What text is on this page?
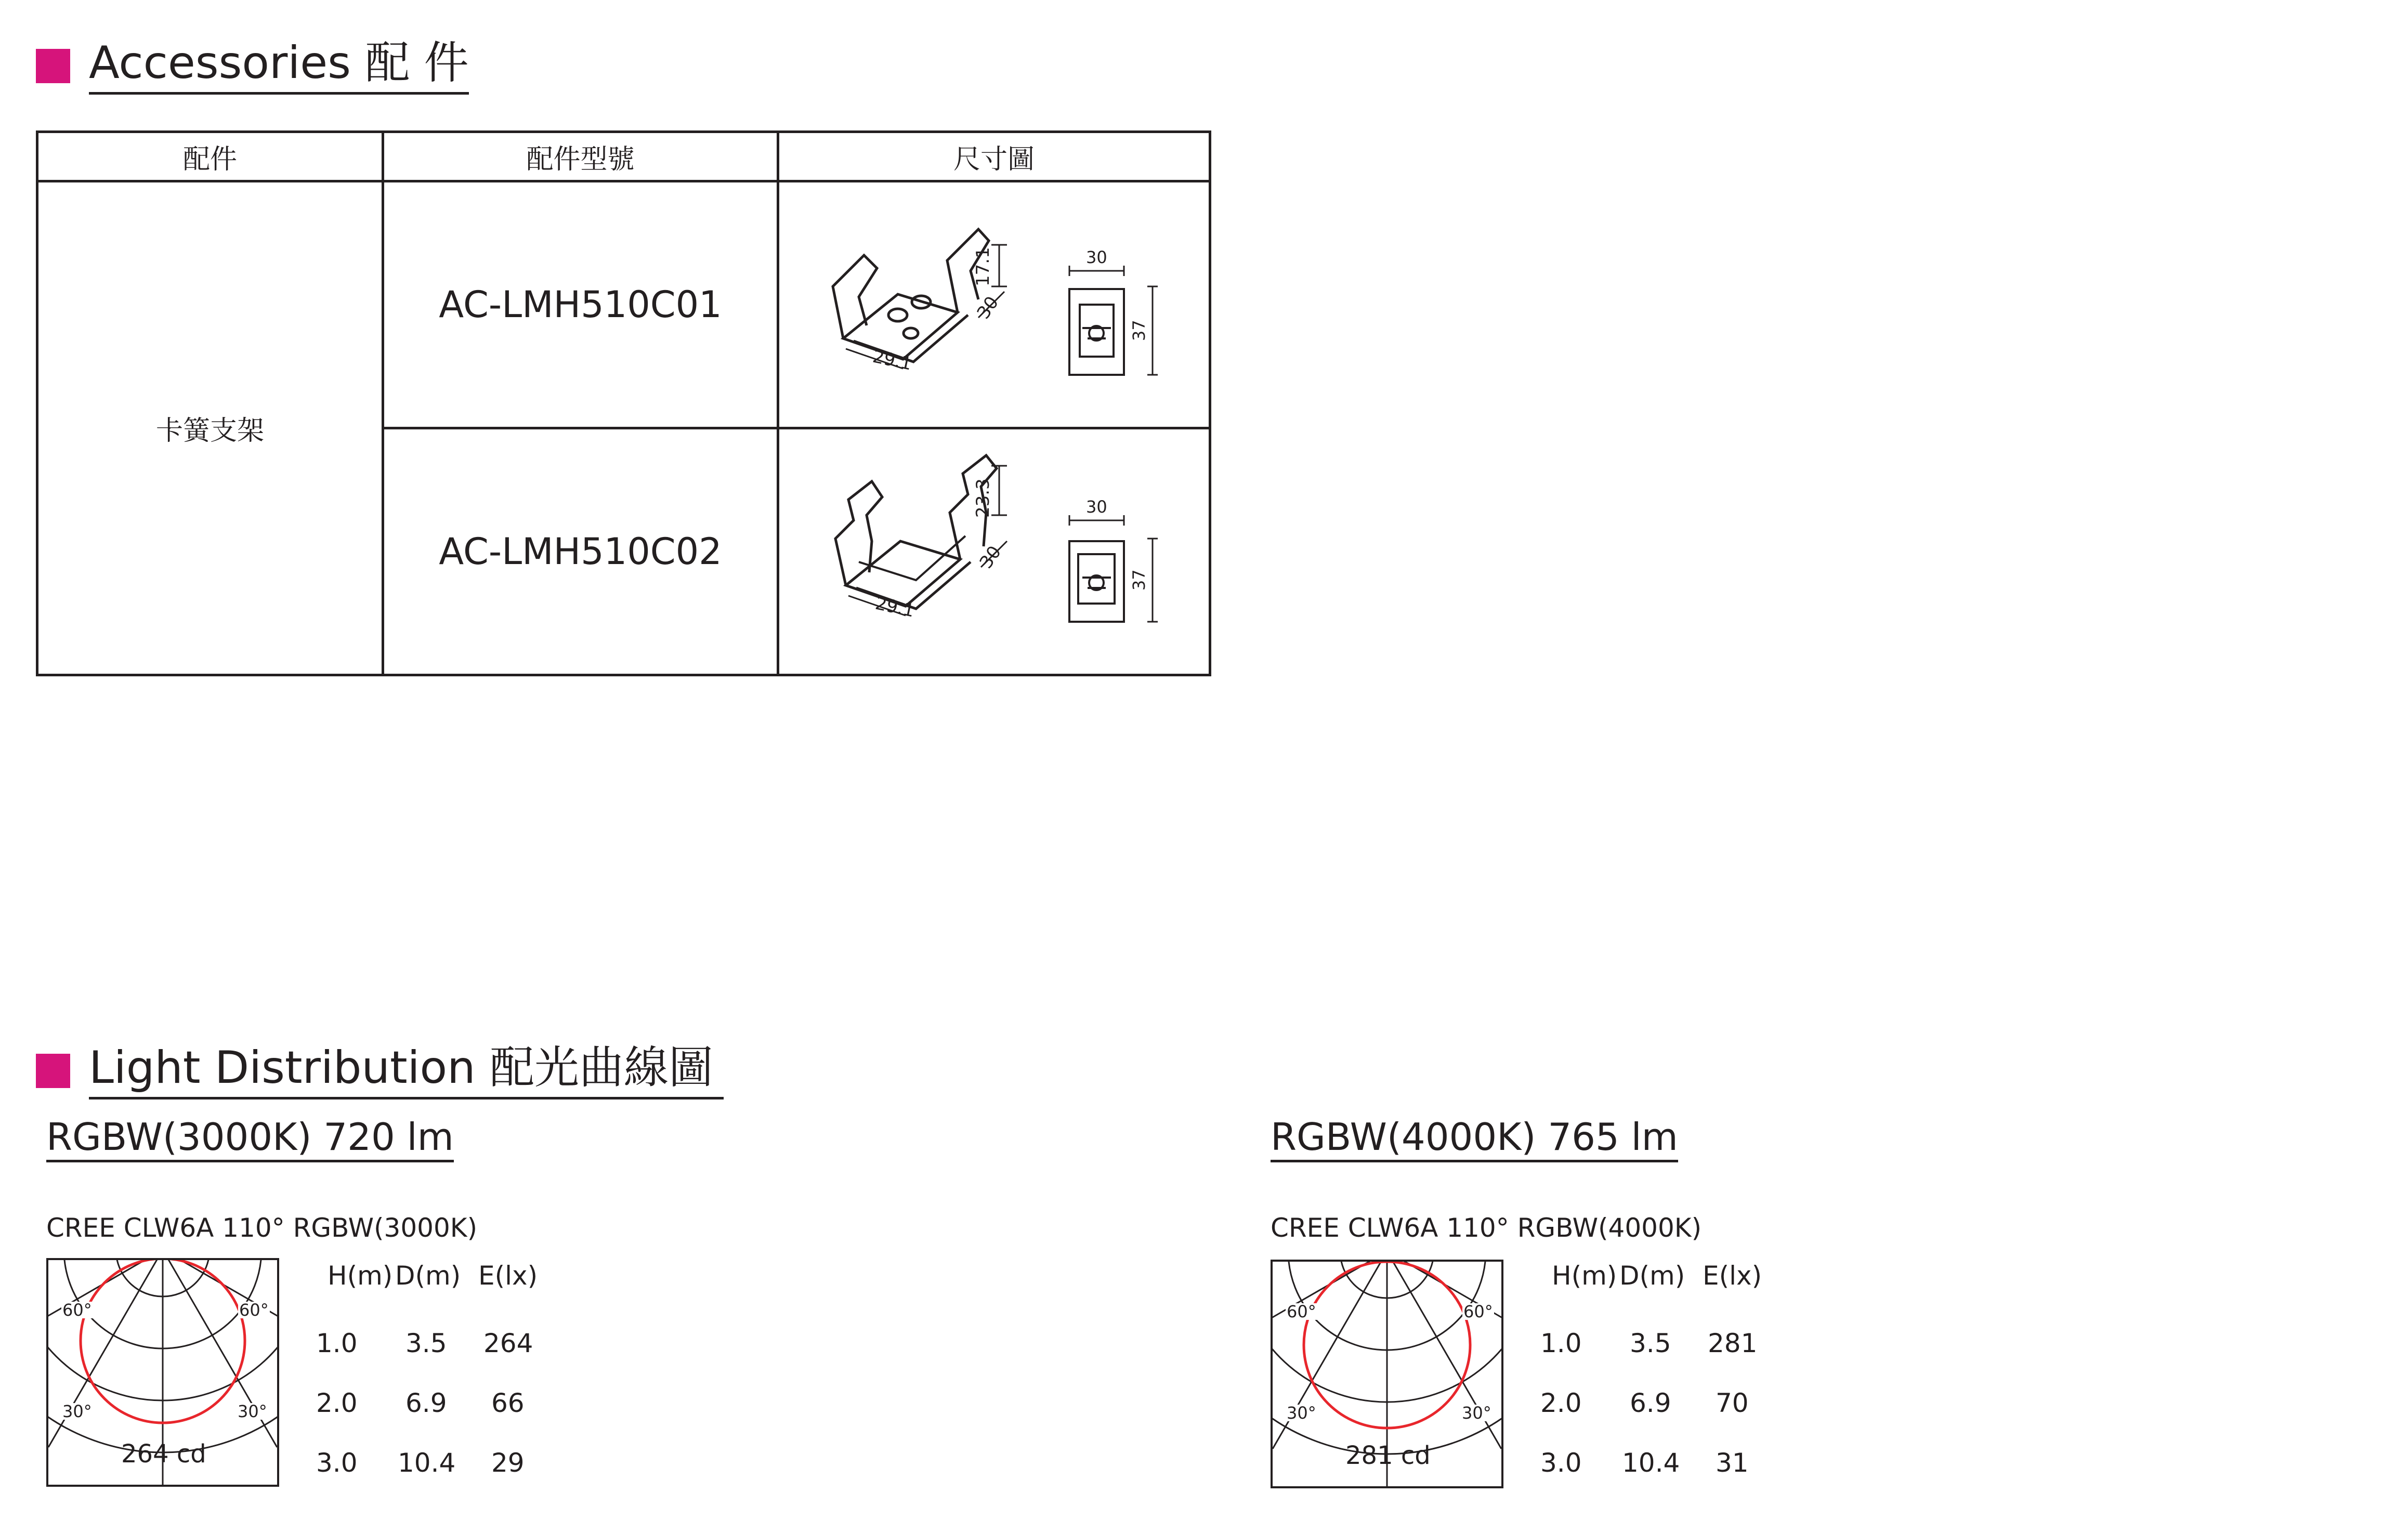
Accessories 配 件
配件	配件型號	尺寸圖
卡簧支架	AC-LMH510C01	29.1
30
17.1 30
37

	AC-LMH510C02	29.1
30
23.3 30
37
Light Distribution 配光曲線圖
RGBW(3000K) 720 lm
CREE CLW6A 110° RGBW(3000K)
60°	60°
30°	30°
264 cd
H(m) D(m) E(lx)
1.0 3.5 264
2.0 6.9 66
3.0 10.4 29
RGBW(4000K) 765 lm
CREE CLW6A 110° RGBW(4000K)
60°	60°
30°	30°
281 cd
H(m) D(m) E(lx)
1.0 3.5 281
2.0 6.9 70
3.0 10.4 31
